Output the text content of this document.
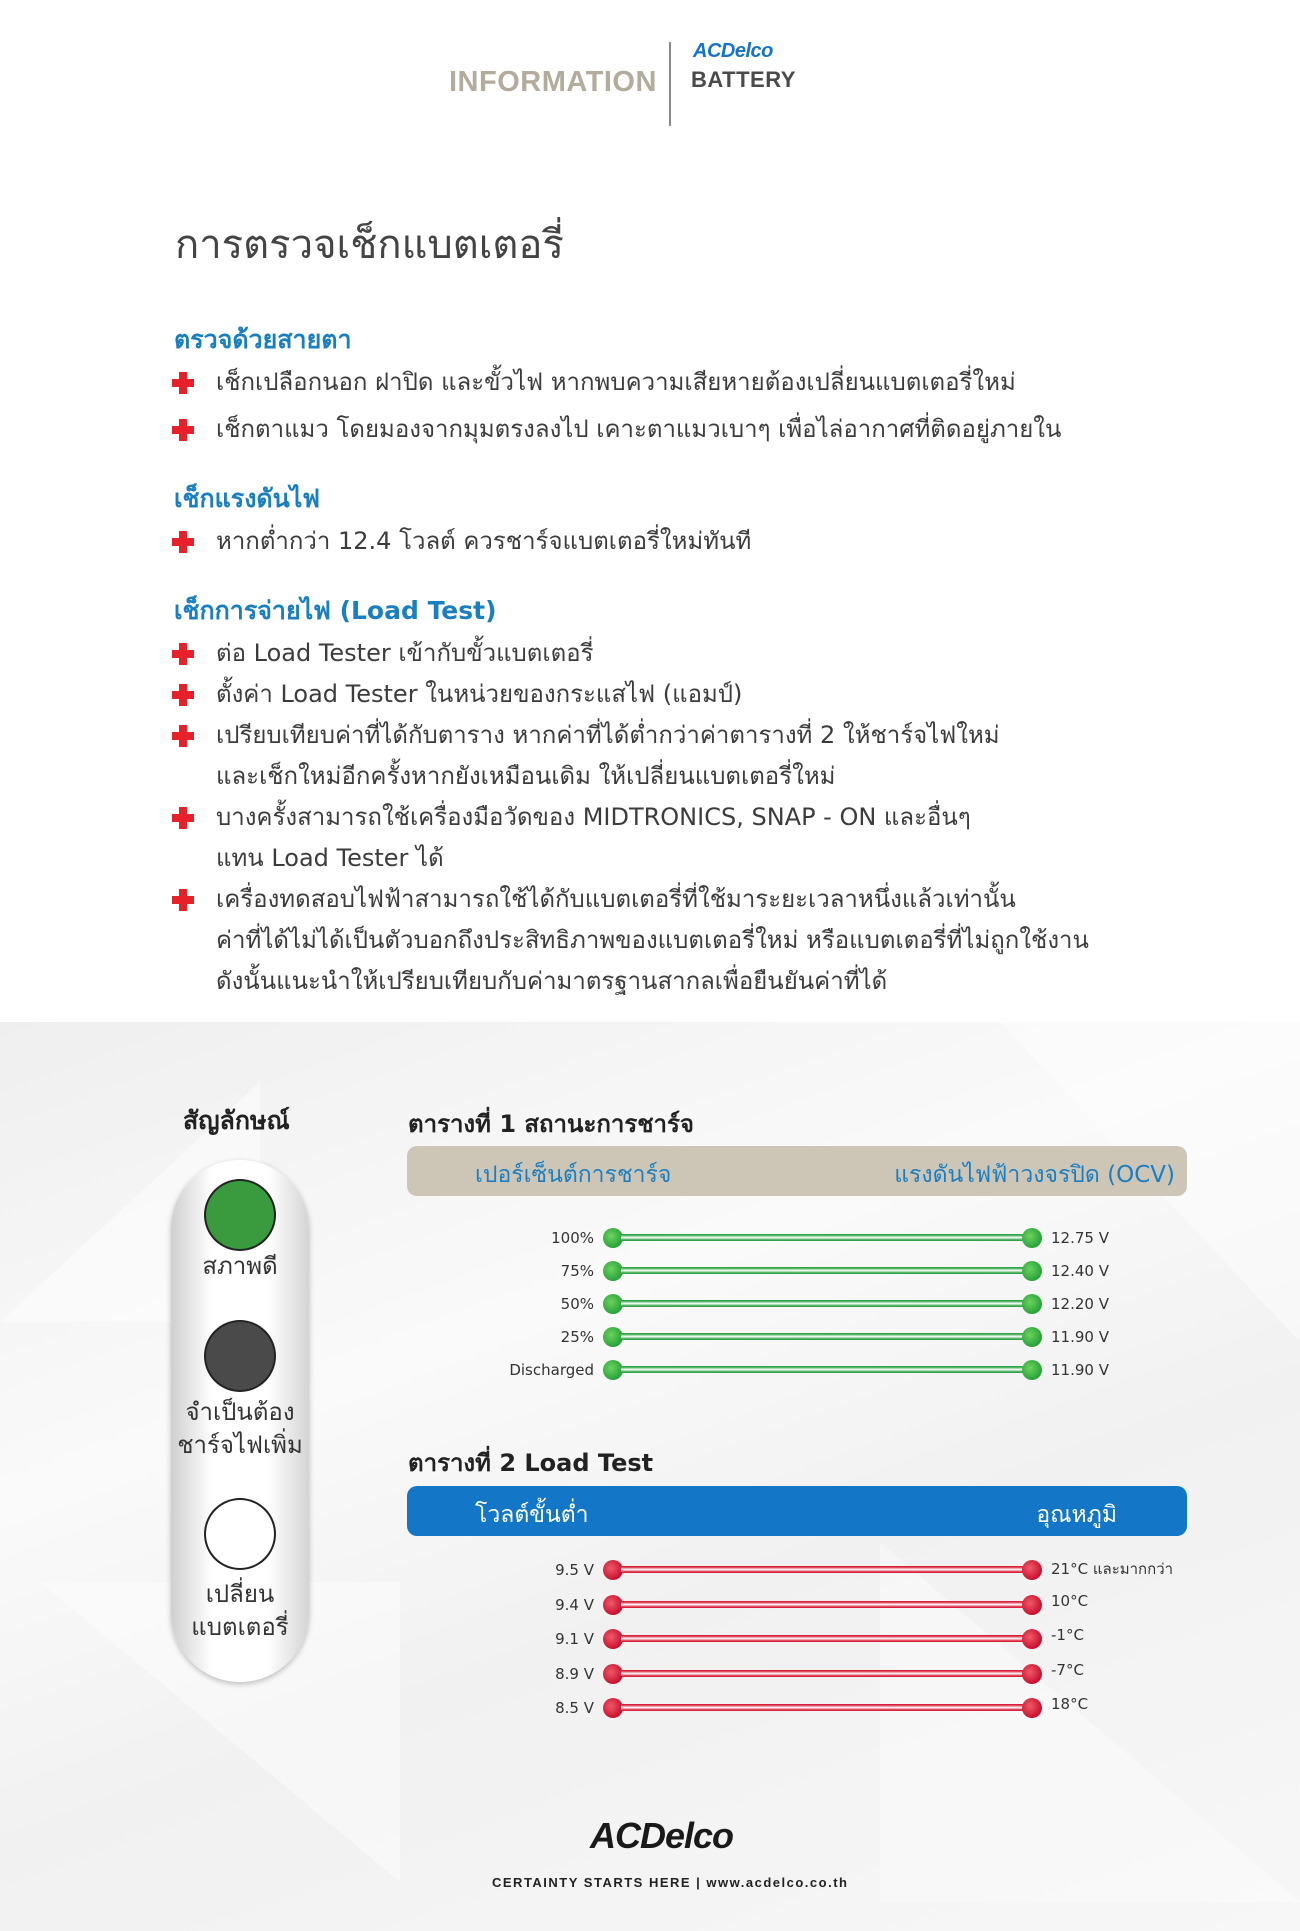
INFORMATION
ACDelco
BATTERY
การตรวจเช็กแบตเตอรี่
ตรวจด้วยสายตา
เช็กเปลือกนอก ฝาปิด และขั้วไฟ หากพบความเสียหายต้องเปลี่ยนแบตเตอรี่ใหม่
เช็กตาแมว โดยมองจากมุมตรงลงไป เคาะตาแมวเบาๆ เพื่อไล่อากาศที่ติดอยู่ภายใน
เช็กแรงดันไฟ
หากต่ำกว่า 12.4 โวลต์ ควรชาร์จแบตเตอรี่ใหม่ทันที
เช็กการจ่ายไฟ (Load Test)
ต่อ Load Tester เข้ากับขั้วแบตเตอรี่
ตั้งค่า Load Tester ในหน่วยของกระแสไฟ (แอมป์)
เปรียบเทียบค่าที่ได้กับตาราง หากค่าที่ได้ต่ำกว่าค่าตารางที่ 2 ให้ชาร์จไฟใหม่
และเช็กใหม่อีกครั้งหากยังเหมือนเดิม ให้เปลี่ยนแบตเตอรี่ใหม่
บางครั้งสามารถใช้เครื่องมือวัดของ MIDTRONICS, SNAP - ON และอื่นๆ
แทน Load Tester ได้
เครื่องทดสอบไฟฟ้าสามารถใช้ได้กับแบตเตอรี่ที่ใช้มาระยะเวลาหนึ่งแล้วเท่านั้น
ค่าที่ได้ไม่ได้เป็นตัวบอกถึงประสิทธิภาพของแบตเตอรี่ใหม่ หรือแบตเตอรี่ที่ไม่ถูกใช้งาน
ดังนั้นแนะนำให้เปรียบเทียบกับค่ามาตรฐานสากลเพื่อยืนยันค่าที่ได้
สัญลักษณ์
สภาพดี
จำเป็นต้อง
ชาร์จไฟเพิ่ม
เปลี่ยน
แบตเตอรี่
ตารางที่ 1 สถานะการชาร์จ
เปอร์เซ็นต์การชาร์จ	แรงดันไฟฟ้าวงจรปิด (OCV)
100%	12.75 V
75%	12.40 V
50%	12.20 V
25%	11.90 V
Discharged	11.90 V
ตารางที่ 2 Load Test
โวลต์ขั้นต่ำ	อุณหภูมิ
9.5 V	21°C และมากกว่า
9.4 V	10°C
9.1 V	-1°C
8.9 V	-7°C
8.5 V	18°C
ACDelco
CERTAINTY STARTS HERE | www.acdelco.co.th
